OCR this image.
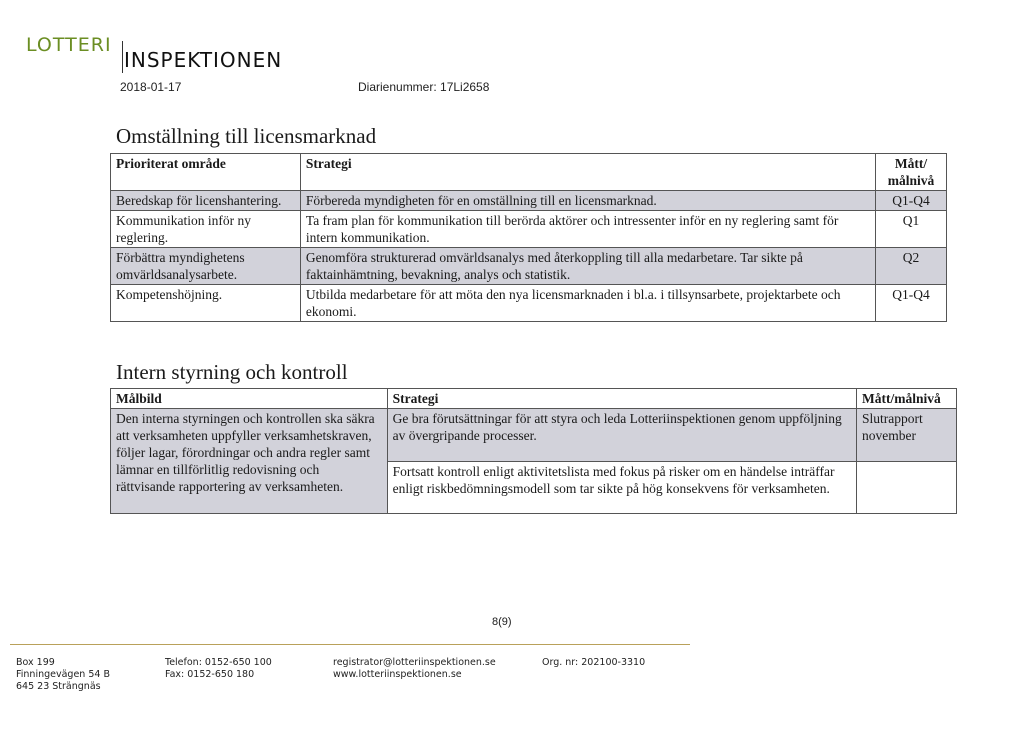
LOTTERI
INSPEKTIONEN
2018-01-17	Diarienummer: 17Li2658
Omställning till licensmarknad
Prioriterat område	Strategi	Mått/ målnivå
Beredskap för licenshantering.	Förbereda myndigheten för en omställning till en licensmarknad.	Q1-Q4
Kommunikation inför ny reglering.	Ta fram plan för kommunikation till berörda aktörer och intressenter inför en ny reglering samt för intern kommunikation.	Q1
Förbättra myndighetens omvärldsanalysarbete.	Genomföra strukturerad omvärldsanalys med återkoppling till alla medarbetare. Tar sikte på faktainhämtning, bevakning, analys och statistik.	Q2
Kompetenshöjning.	Utbilda medarbetare för att möta den nya licensmarknaden i bl.a. i tillsynsarbete, projektarbete och ekonomi.	Q1-Q4
Intern styrning och kontroll
Målbild	Strategi	Mått/målnivå
Den interna styrningen och kontrollen ska säkra att verksamheten uppfyller verksamhetskraven, följer lagar, förordningar och andra regler samt lämnar en tillförlitlig redovisning och rättvisande rapportering av verksamheten.	Ge bra förutsättningar för att styra och leda Lotteriinspektionen genom uppföljning av övergripande processer.	Slutrapport november
	Fortsatt kontroll enligt aktivitetslista med fokus på risker om en händelse inträffar enligt riskbedömningsmodell som tar sikte på hög konsekvens för verksamheten.	
8(9)
Box 199
Finningevägen 54 B
645 23 Strängnäs
Telefon: 0152-650 100
Fax: 0152-650 180
registrator@lotteriinspektionen.se
www.lotteriinspektionen.se
Org. nr: 202100-3310
